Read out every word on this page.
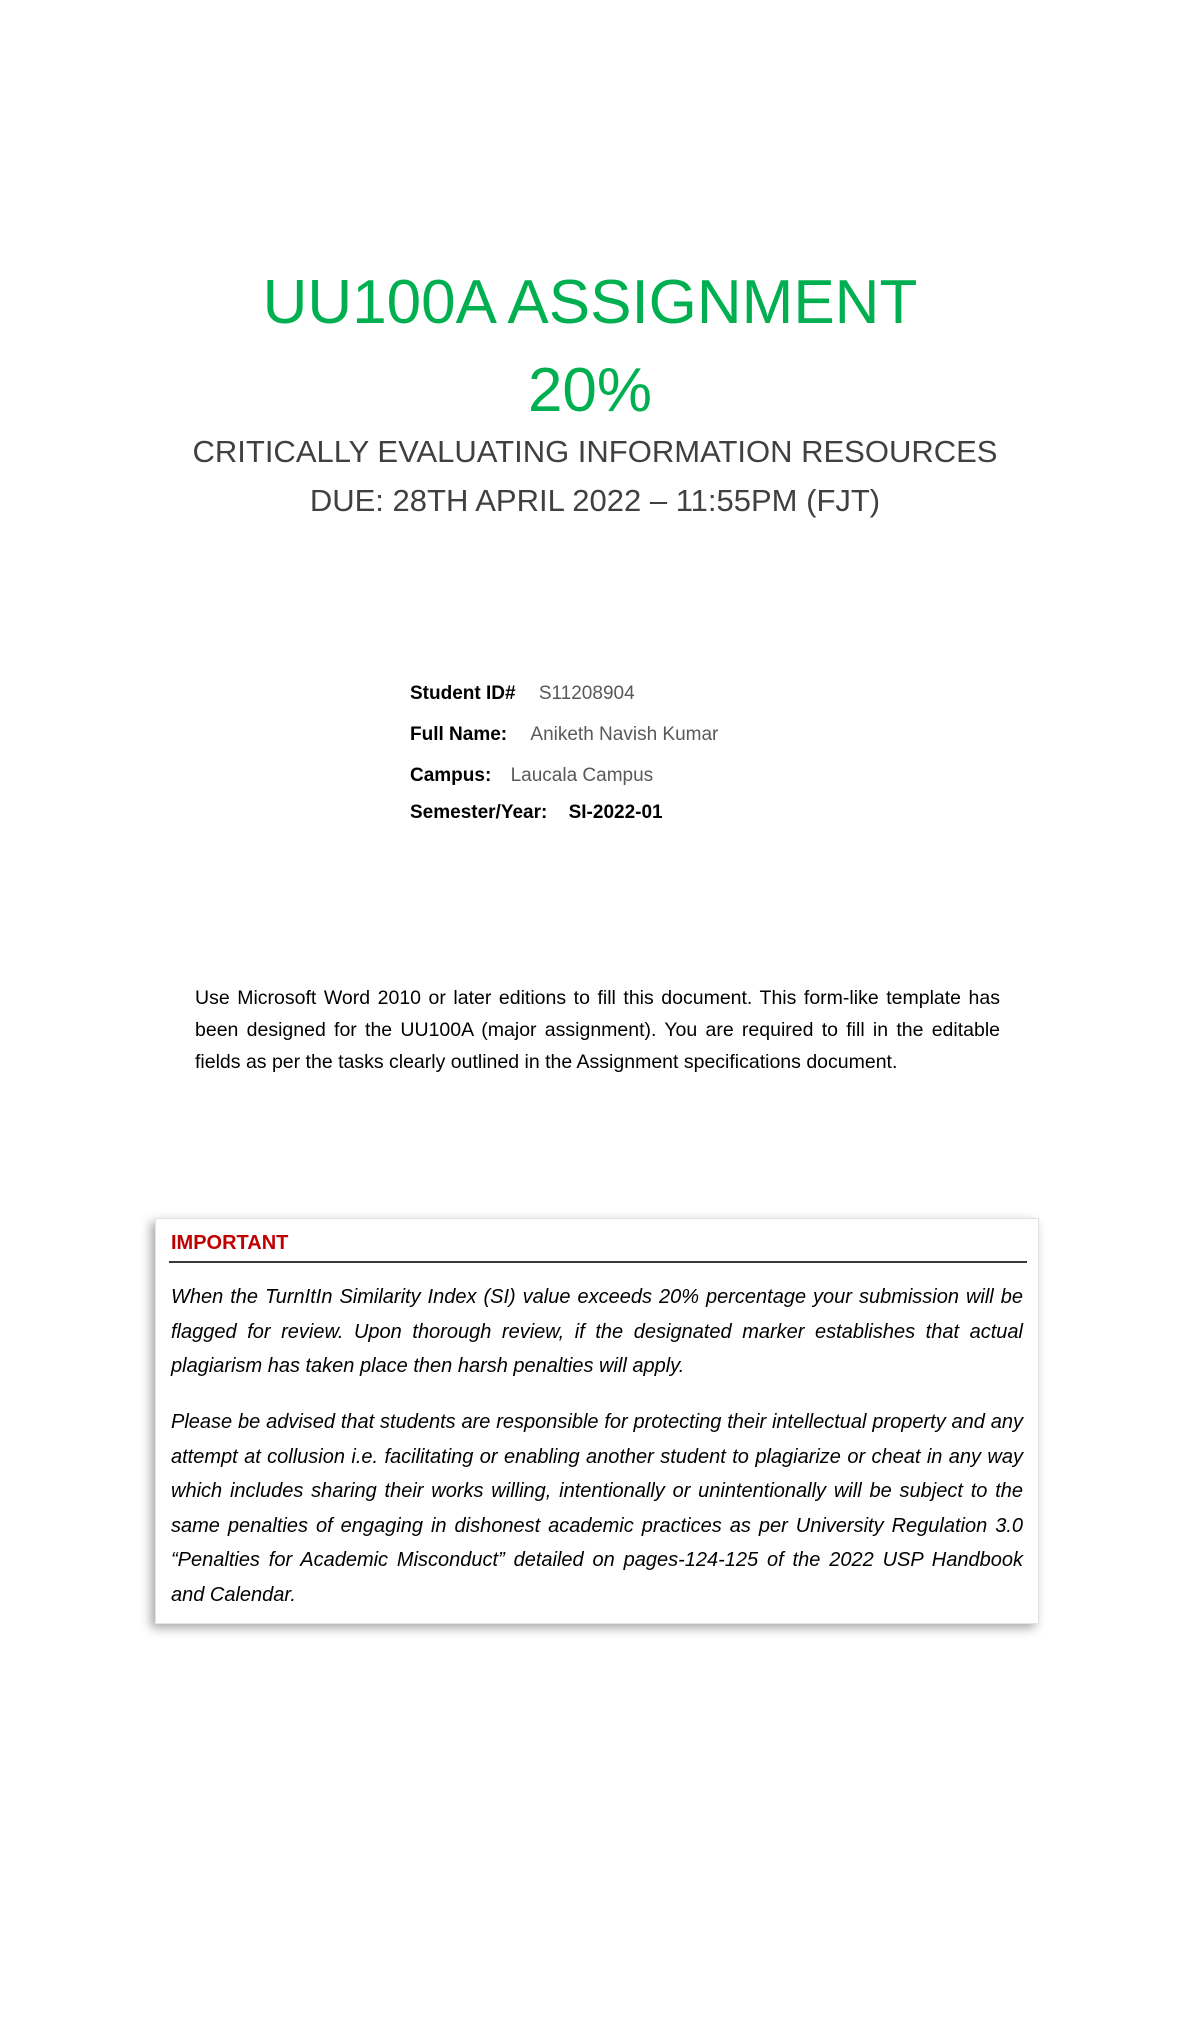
UU100A ASSIGNMENT
20%
CRITICALLY EVALUATING INFORMATION RESOURCES
DUE: 28TH APRIL 2022 – 11:55PM (FJT)
Student ID# S11208904
Full Name: Aniketh Navish Kumar
Campus: Laucala Campus
Semester/Year: SI-2022-01

Use Microsoft Word 2010 or later editions to fill this document. This form-like template has been designed for the UU100A (major assignment). You are required to fill in the editable fields as per the tasks clearly outlined in the Assignment specifications document.

IMPORTANT

When the TurnItIn Similarity Index (SI) value exceeds 20% percentage your submission will be flagged for review. Upon thorough review, if the designated marker establishes that actual plagiarism has taken place then harsh penalties will apply.

Please be advised that students are responsible for protecting their intellectual property and any attempt at collusion i.e. facilitating or enabling another student to plagiarize or cheat in any way which includes sharing their works willing, intentionally or unintentionally will be subject to the same penalties of engaging in dishonest academic practices as per University Regulation 3.0 “Penalties for Academic Misconduct” detailed on pages-124-125 of the 2022 USP Handbook and Calendar.
